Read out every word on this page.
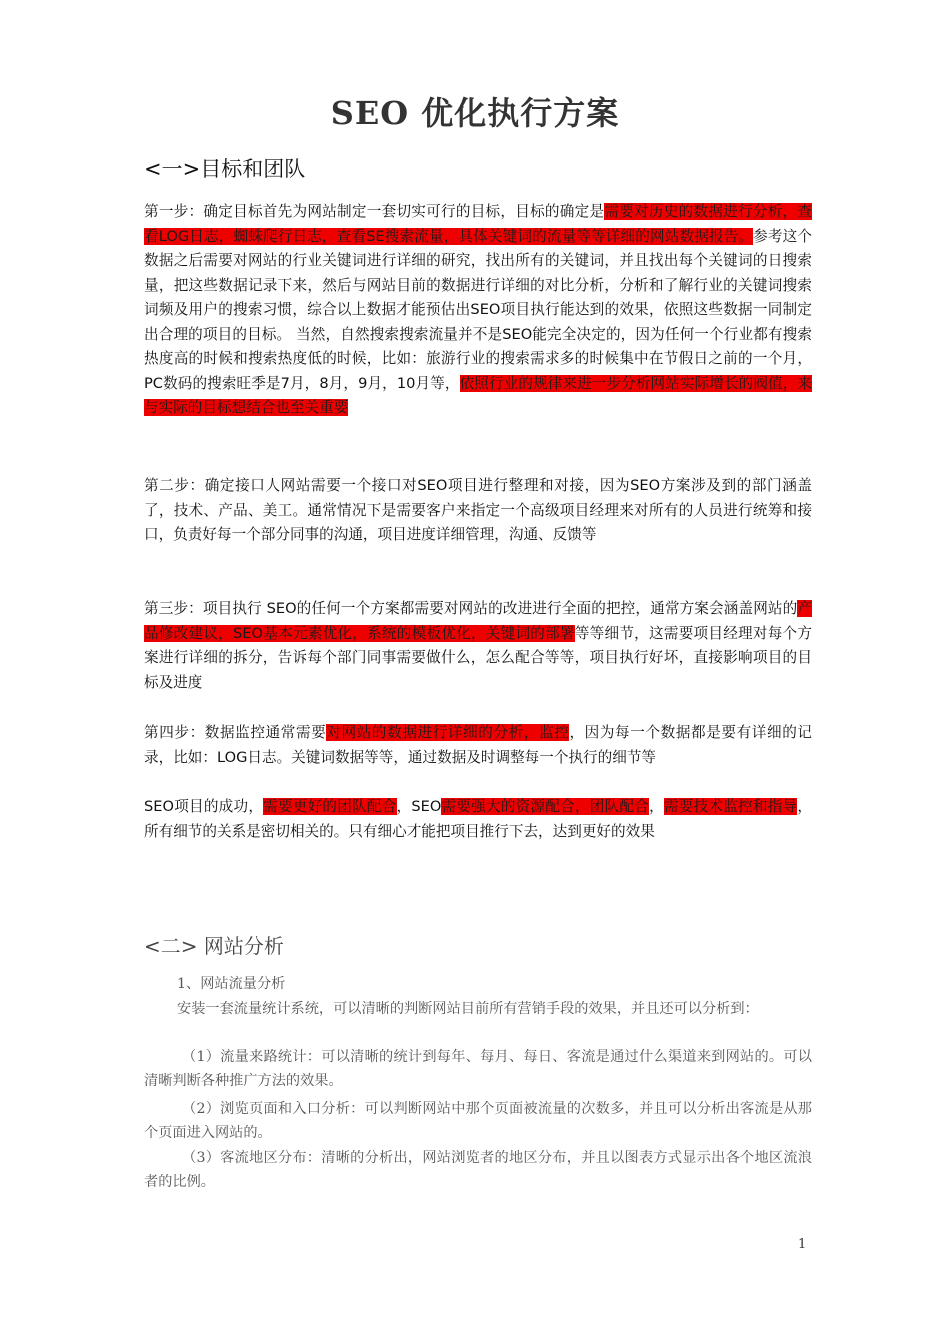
SEO 优化执行方案
<一>目标和团队

第一步：确定目标首先为网站制定一套切实可行的目标，目标的确定是需要对历史的数据进行分析，查看LOG日志，蜘蛛爬行日志，查看SE搜索流量，具体关键词的流量等等详细的网站数据报告。参考这个数据之后需要对网站的行业关键词进行详细的研究，找出所有的关键词，并且找出每个关键词的日搜索量，把这些数据记录下来，然后与网站目前的数据进行详细的对比分析，分析和了解行业的关键词搜索词频及用户的搜索习惯，综合以上数据才能预估出SEO项目执行能达到的效果，依照这些数据一同制定出合理的项目的目标。 当然，自然搜索搜索流量并不是SEO能完全决定的，因为任何一个行业都有搜索热度高的时候和搜索热度低的时候，比如：旅游行业的搜索需求多的时候集中在节假日之前的一个月，PC数码的搜索旺季是7月，8月，9月，10月等，依照行业的规律来进一步分析网站实际增长的阀值，来与实际的目标想结合也至关重要

第二步：确定接口人网站需要一个接口对SEO项目进行整理和对接，因为SEO方案涉及到的部门涵盖了，技术、产品、美工。通常情况下是需要客户来指定一个高级项目经理来对所有的人员进行统筹和接口，负责好每一个部分同事的沟通，项目进度详细管理，沟通、反馈等

第三步：项目执行 SEO的任何一个方案都需要对网站的改进进行全面的把控，通常方案会涵盖网站的产品修改建议，SEO基本元素优化，系统的模板优化，关键词的部署等等细节，这需要项目经理对每个方案进行详细的拆分，告诉每个部门同事需要做什么，怎么配合等等，项目执行好坏，直接影响项目的目标及进度

第四步：数据监控通常需要对网站的数据进行详细的分析，监控，因为每一个数据都是要有详细的记录，比如：LOG日志。关键词数据等等，通过数据及时调整每一个执行的细节等

SEO项目的成功，需要更好的团队配合，SEO需要强大的资源配合，团队配合，需要技术监控和指导，所有细节的关系是密切相关的。只有细心才能把项目推行下去，达到更好的效果

<二> 网站分析
1、网站流量分析

安装一套流量统计系统，可以清晰的判断网站目前所有营销手段的效果，并且还可以分析到：

（1）流量来路统计：可以清晰的统计到每年、每月、每日、客流是通过什么渠道来到网站的。可以清晰判断各种推广方法的效果。

（2）浏览页面和入口分析：可以判断网站中那个页面被流量的次数多，并且可以分析出客流是从那个页面进入网站的。

（3）客流地区分布：清晰的分析出，网站浏览者的地区分布，并且以图表方式显示出各个地区流浪者的比例。

1
